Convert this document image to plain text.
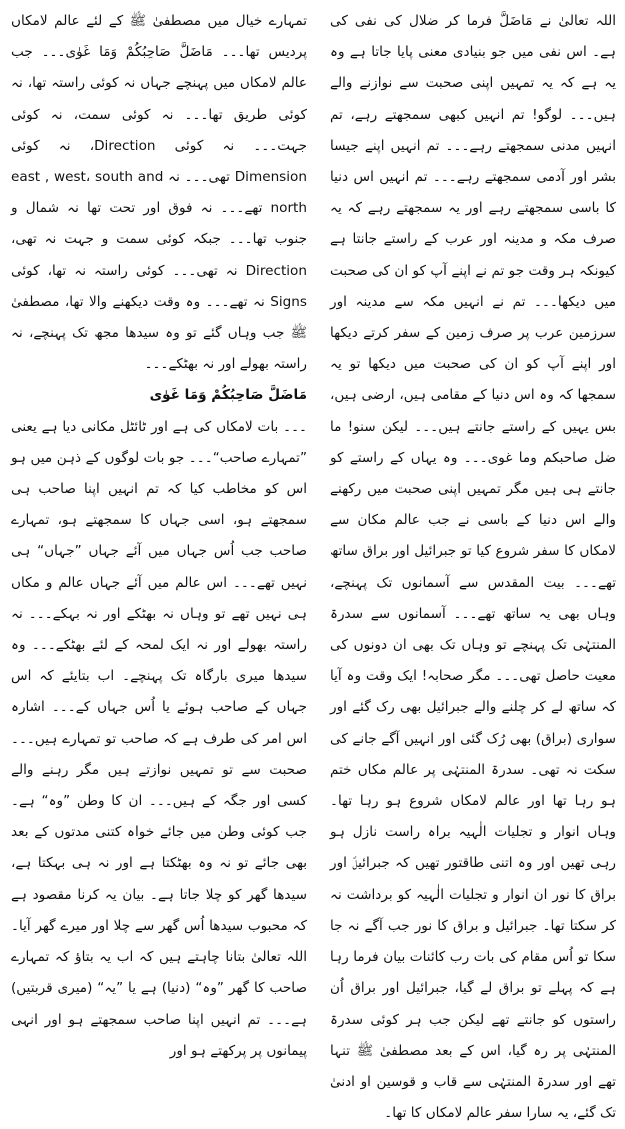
اللہ تعالیٰ نے مَاضَلَّ فرما کر ضلال کی نفی کی ہے۔ اس نفی میں جو بنیادی معنی پایا جاتا ہے وہ یہ ہے کہ یہ تمہیں اپنی صحبت سے نوازنے والے ہیں۔۔۔ لوگو! تم انہیں کبھی سمجھتے رہے، تم انہیں مدنی سمجھتے رہے۔۔۔ تم انہیں اپنے جیسا بشر اور آدمی سمجھتے رہے۔۔۔ تم انہیں اس دنیا کا باسی سمجھتے رہے اور یہ سمجھتے رہے کہ یہ صرف مکہ و مدینہ اور عرب کے راستے جانتا ہے کیونکہ ہر وقت جو تم نے اپنے آپ کو ان کی صحبت میں دیکھا۔۔۔ تم نے انہیں مکہ سے مدینہ اور سرزمین عرب پر صرف زمین کے سفر کرتے دیکھا اور اپنے آپ کو ان کی صحبت میں دیکھا تو یہ سمجھا کہ وہ اس دنیا کے مقامی ہیں، ارضی ہیں، بس یہیں کے راستے جانتے ہیں۔۔۔ لیکن سنو! ما ضل صاحبکم وما غوی۔۔۔ وہ یہاں کے راستے کو جانتے ہی ہیں مگر تمہیں اپنی صحبت میں رکھنے والے اس دنیا کے باسی نے جب عالم مکان سے لامکاں کا سفر شروع کیا تو جبرائیل اور براق ساتھ تھے۔۔۔ بیت المقدس سے آسمانوں تک پہنچے، وہاں بھی یہ ساتھ تھے۔۔۔ آسمانوں سے سدرۃ المنتہٰی تک پہنچے تو وہاں تک بھی ان دونوں کی معیت حاصل تھی۔۔۔ مگر صحابہ! ایک وقت وہ آیا کہ ساتھ لے کر چلنے والے جبرائیل بھی رک گئے اور سواری (براق) بھی رُک گئی اور انہیں آگے جانے کی سکت نہ تھی۔ سدرۃ المنتہٰی پر عالم مکاں ختم ہو رہا تھا اور عالم لامکاں شروع ہو رہا تھا۔ وہاں انوار و تجلیات الٰہیہ براہ راست نازل ہو رہی تھیں اور وہ اتنی طاقتور تھیں کہ جبرائیلؑ اور براق کا نور ان انوار و تجلیات الٰہیہ کو برداشت نہ کر سکتا تھا۔ جبرائیل و براق کا نور جب آگے نہ جا سکا تو اُس مقام کی بات رب کائنات بیان فرما رہا ہے کہ پہلے تو براق لے گیا، جبرائیل اور براق اُن راستوں کو جانتے تھے لیکن جب ہر کوئی سدرۃ المنتہٰی پر رہ گیا، اس کے بعد مصطفیٰ ﷺ تنہا تھے اور سدرۃ المنتہٰی سے قاب و قوسین او ادنیٰ تک گئے، یہ سارا سفر عالم لامکاں کا تھا۔

تمہارے خیال میں مصطفیٰ ﷺ کے لئے عالم لامکاں پردیس تھا۔۔۔ مَاضَلَّ صَاحِبُکُمْ وَمَا غَوٰی۔۔۔ جب عالم لامکاں میں پہنچے جہاں نہ کوئی راستہ تھا، نہ کوئی طریق تھا۔۔۔ نہ کوئی سمت، نہ کوئی جہت۔۔۔ نہ کوئی Direction، نہ کوئی Dimension تھی۔۔۔ نہ east , west، south and north تھے۔۔۔ نہ فوق اور تحت تھا نہ شمال و جنوب تھا۔۔۔ جبکہ کوئی سمت و جہت نہ تھی، Direction نہ تھی۔۔۔ کوئی راستہ نہ تھا، کوئی Signs نہ تھے۔۔۔ وہ وقت دیکھنے والا تھا، مصطفیٰ ﷺ جب وہاں گئے تو وہ سیدھا مجھ تک پہنچے، نہ راستہ بھولے اور نہ بھٹکے۔۔۔

مَاضَلَّ صَاحِبُکُمْ وَمَا غَوٰی

۔۔۔ بات لامکاں کی ہے اور ٹائٹل مکانی دیا ہے یعنی ”تمہارے صاحب“۔۔۔ جو بات لوگوں کے ذہن میں ہو اس کو مخاطب کیا کہ تم انہیں اپنا صاحب ہی سمجھتے ہو، اسی جہاں کا سمجھتے ہو، تمہارے صاحب جب اُس جہاں میں آئے جہاں ”جہاں“ ہی نہیں تھے۔۔۔ اس عالم میں آئے جہاں عالم و مکاں ہی نہیں تھے تو وہاں نہ بھٹکے اور نہ بہکے۔۔۔ نہ راستہ بھولے اور نہ ایک لمحہ کے لئے بھٹکے۔۔۔ وہ سیدھا میری بارگاہ تک پہنچے۔ اب بتایئے کہ اس جہاں کے صاحب ہوئے یا اُس جہاں کے۔۔۔ اشارہ اس امر کی طرف ہے کہ صاحب تو تمہارے ہیں۔۔۔ صحبت سے تو تمہیں نوازتے ہیں مگر رہنے والے کسی اور جگہ کے ہیں۔۔۔ ان کا وطن ”وہ“ ہے۔ جب کوئی وطن میں جائے خواہ کتنی مدتوں کے بعد بھی جائے تو نہ وہ بھٹکتا ہے اور نہ ہی بہکتا ہے، سیدھا گھر کو چلا جاتا ہے۔ بیان یہ کرنا مقصود ہے کہ محبوب سیدھا اُس گھر سے چلا اور میرے گھر آیا۔ اللہ تعالیٰ بتانا چاہتے ہیں کہ اب یہ بتاؤ کہ تمہارے صاحب کا گھر ”وہ“ (دنیا) ہے یا ”یہ“ (میری قربتیں) ہے۔۔۔ تم انہیں اپنا صاحب سمجھتے ہو اور انہی پیمانوں پر پرکھتے ہو اور
